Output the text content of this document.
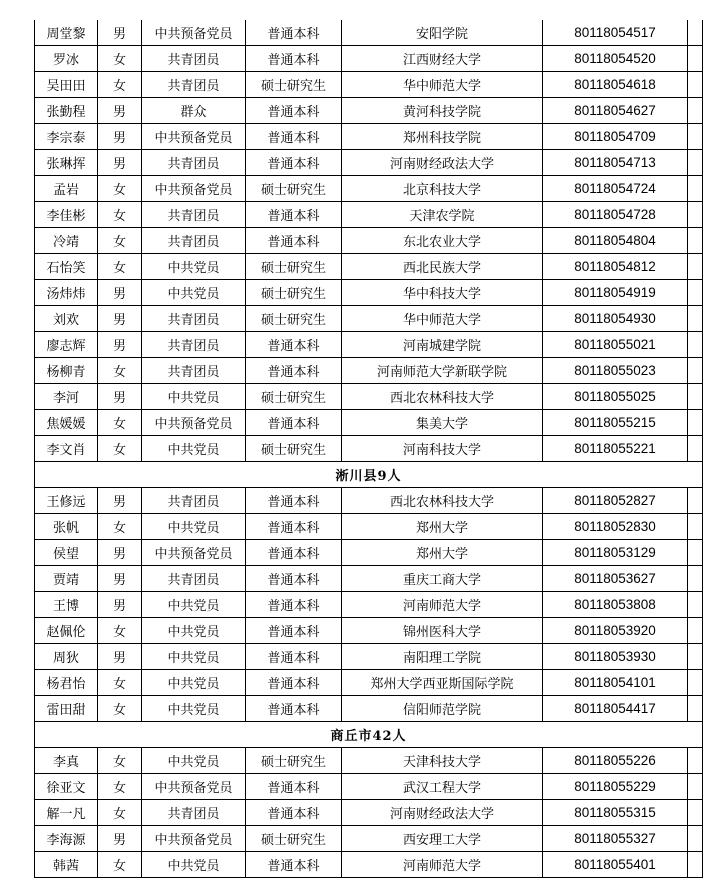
周堂黎	男	中共预备党员	普通本科	安阳学院	80118054517	
罗冰	女	共青团员	普通本科	江西财经大学	80118054520	
吴田田	女	共青团员	硕士研究生	华中师范大学	80118054618	
张勤程	男	群众	普通本科	黄河科技学院	80118054627	
李宗泰	男	中共预备党员	普通本科	郑州科技学院	80118054709	
张琳挥	男	共青团员	普通本科	河南财经政法大学	80118054713	
孟岩	女	中共预备党员	硕士研究生	北京科技大学	80118054724	
李佳彬	女	共青团员	普通本科	天津农学院	80118054728	
冷靖	女	共青团员	普通本科	东北农业大学	80118054804	
石怡笑	女	中共党员	硕士研究生	西北民族大学	80118054812	
汤炜炜	男	中共党员	硕士研究生	华中科技大学	80118054919	
刘欢	男	共青团员	硕士研究生	华中师范大学	80118054930	
廖志辉	男	共青团员	普通本科	河南城建学院	80118055021	
杨柳青	女	共青团员	普通本科	河南师范大学新联学院	80118055023	
李河	男	中共党员	硕士研究生	西北农林科技大学	80118055025	
焦媛媛	女	中共预备党员	普通本科	集美大学	80118055215	
李文肖	女	中共党员	硕士研究生	河南科技大学	80118055221	
淅川县9人						
王修远	男	共青团员	普通本科	西北农林科技大学	80118052827	
张帆	女	中共党员	普通本科	郑州大学	80118052830	
侯望	男	中共预备党员	普通本科	郑州大学	80118053129	
贾靖	男	共青团员	普通本科	重庆工商大学	80118053627	
王博	男	中共党员	普通本科	河南师范大学	80118053808	
赵佩伦	女	中共党员	普通本科	锦州医科大学	80118053920	
周狄	男	中共党员	普通本科	南阳理工学院	80118053930	
杨君怡	女	中共党员	普通本科	郑州大学西亚斯国际学院	80118054101	
雷田甜	女	中共党员	普通本科	信阳师范学院	80118054417	
商丘市42人						
李真	女	中共党员	硕士研究生	天津科技大学	80118055226	
徐亚文	女	中共预备党员	普通本科	武汉工程大学	80118055229	
解一凡	女	共青团员	普通本科	河南财经政法大学	80118055315	
李海源	男	中共预备党员	硕士研究生	西安理工大学	80118055327	
韩茜	女	中共党员	普通本科	河南师范大学	80118055401	
